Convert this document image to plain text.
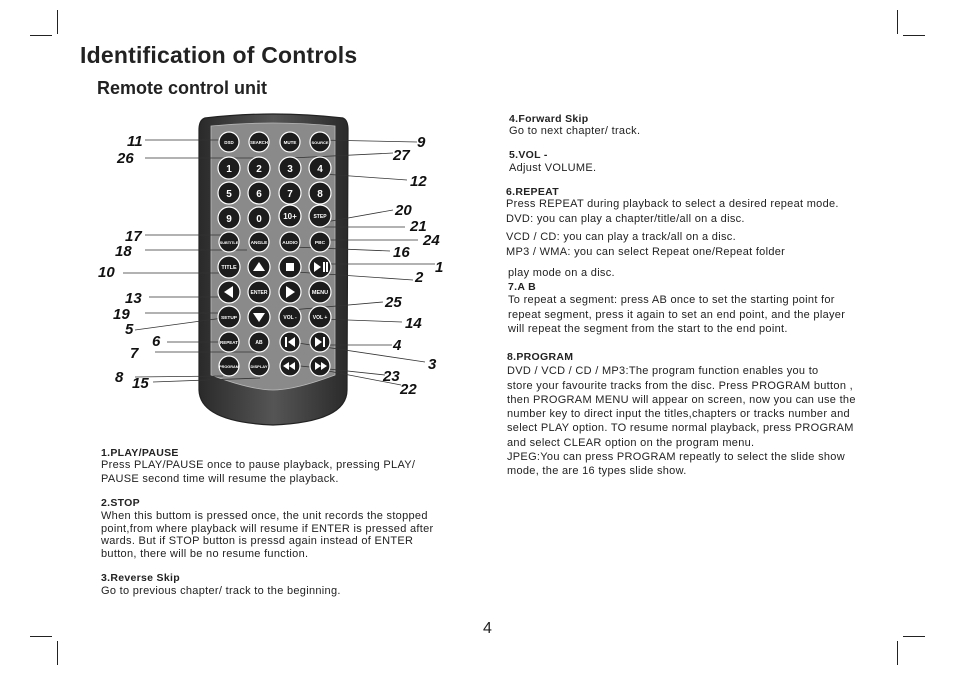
Identification of Controls
Remote control unit
DSD	SEARCH	MUTE	SOURCE
1 2	3 4
5 6	7 8
9 0	10+	STEP
SUBTITLE	ANGLE	AUDIO	PBC
TITLE
ENTER	MENU
SETUP	VOL -	VOL +
REPEAT	AB
PROGRAM	DISPLAY
11
26
17
18
10
13
19
5
6
7
8 15
9
27
12
20
21
24
16
1
2
25
14
4
3
23
22
1.PLAY/PAUSE
Press PLAY/PAUSE once to pause playback, pressing PLAY/
PAUSE second time will resume the playback.
2.STOP
When this buttom is pressed once, the unit records the stopped
point,from where playback will resume if ENTER is pressed after
wards. But if STOP button is pressd again instead of ENTER
button, there will be no resume function.
3.Reverse Skip
Go to previous chapter/ track to the beginning.
4.Forward Skip
Go to next chapter/ track.
5.VOL -
Adjust VOLUME.
6.REPEAT
Press REPEAT during playback to select a desired repeat mode.
DVD: you can play a chapter/title/all on a disc.
VCD / CD: you can play a track/all on a disc.
MP3 / WMA: you can select Repeat one/Repeat folder
play mode on a disc.
7.A B
To repeat a segment: press AB once to set the starting point for
repeat segment, press it again to set an end point, and the player
will repeat the segment from the start to the end point.
8.PROGRAM
DVD / VCD / CD / MP3:The program function enables you to
store your favourite tracks from the disc. Press PROGRAM button ,
then PROGRAM MENU will appear on screen, now you can use the
number key to direct input the titles,chapters or tracks number and
select PLAY option. TO resume normal playback, press PROGRAM
and select CLEAR option on the program menu.
JPEG:You can press PROGRAM repeatly to select the slide show
mode, the are 16 types slide show.
4
